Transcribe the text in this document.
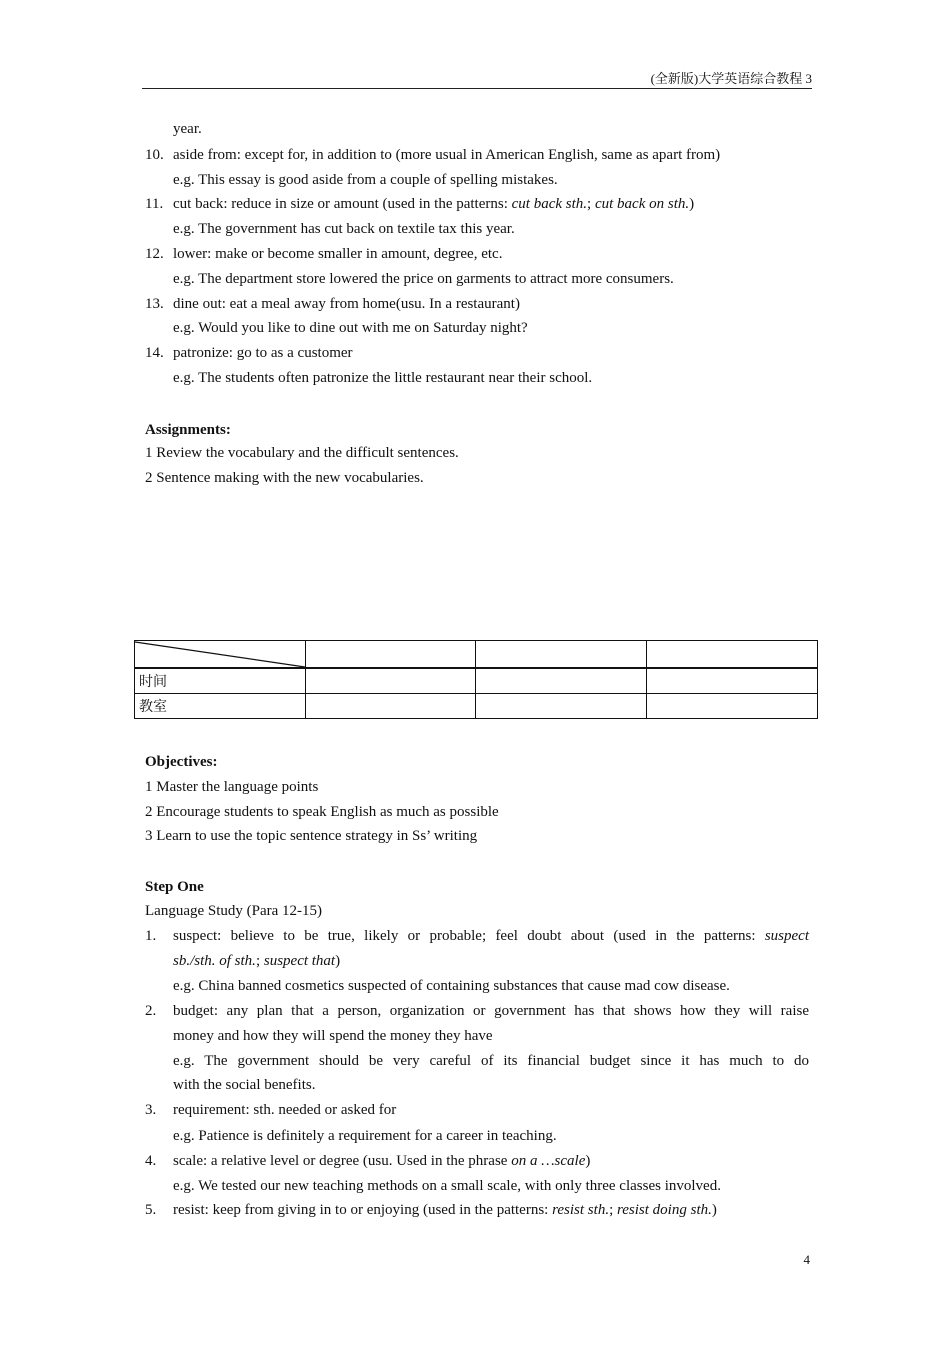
(全新版)大学英语综合教程 3
year.
10. aside from: except for, in addition to (more usual in American English, same as apart from)
e.g. This essay is good aside from a couple of spelling mistakes.
11. cut back: reduce in size or amount (used in the patterns: cut back sth.; cut back on sth.)
e.g. The government has cut back on textile tax this year.
12. lower: make or become smaller in amount, degree, etc.
e.g. The department store lowered the price on garments to attract more consumers.
13. dine out: eat a meal away from home(usu. In a restaurant)
e.g. Would you like to dine out with me on Saturday night?
14. patronize: go to as a customer
e.g. The students often patronize the little restaurant near their school.
Assignments:
1 Review the vocabulary and the difficult sentences.
2 Sentence making with the new vocabularies.

时间			
教室			
Objectives:
1 Master the language points
2 Encourage students to speak English as much as possible
3 Learn to use the topic sentence strategy in Ss’ writing
Step One
Language Study (Para 12-15)
1. suspect: believe to be true, likely or probable; feel doubt about (used in the patterns: suspect
sb./sth. of sth.; suspect that)
e.g. China banned cosmetics suspected of containing substances that cause mad cow disease.
2. budget: any plan that a person, organization or government has that shows how they will raise
money and how they will spend the money they have
e.g. The government should be very careful of its financial budget since it has much to do
with the social benefits.
3. requirement: sth. needed or asked for
e.g. Patience is definitely a requirement for a career in teaching.
4. scale: a relative level or degree (usu. Used in the phrase on a …scale)
e.g. We tested our new teaching methods on a small scale, with only three classes involved.
5. resist: keep from giving in to or enjoying (used in the patterns: resist sth.; resist doing sth.)
4
